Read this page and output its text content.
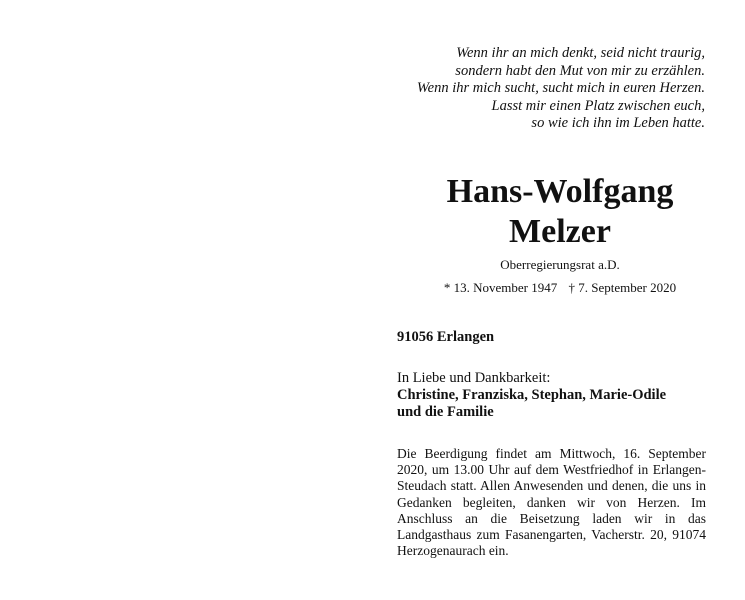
Wenn ihr an mich denkt, seid nicht traurig,
sondern habt den Mut von mir zu erzählen.
Wenn ihr mich sucht, sucht mich in euren Herzen.
Lasst mir einen Platz zwischen euch,
so wie ich ihn im Leben hatte.
Hans-Wolfgang
Melzer
Oberregierungsrat a.D.
* 13. November 1947 † 7. September 2020
91056 Erlangen
In Liebe und Dankbarkeit:
Christine, Franziska, Stephan, Marie-Odile
und die Familie
Die Beerdigung findet am Mittwoch, 16. September 2020, um 13.00 Uhr auf dem Westfriedhof in Erlangen-Steudach statt. Allen Anwesenden und denen, die uns in Gedanken begleiten, danken wir von Herzen. Im Anschluss an die Beisetzung laden wir in das Landgasthaus zum Fasanengarten, Vacherstr. 20, 91074 Herzogenaurach ein.
